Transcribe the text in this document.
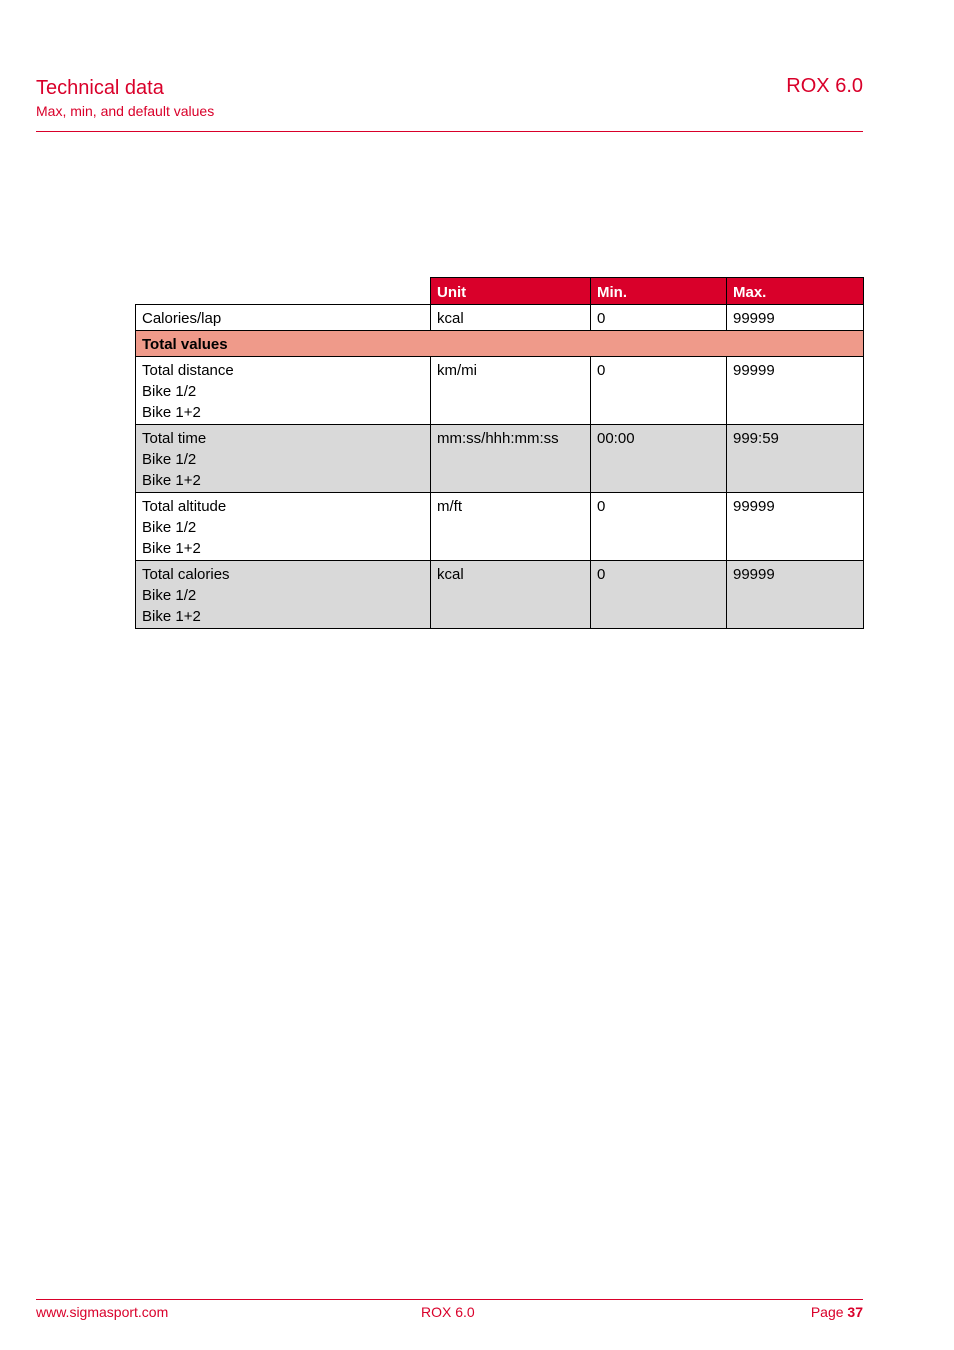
Technical data
Max, min, and default values
ROX 6.0
	Unit	Min.	Max.

Calories/lap	kcal	0	99999
Total values			

Total distance
Bike 1/2
Bike 1+2	km/mi	0	99999

Total time
Bike 1/2
Bike 1+2	mm:ss/hhh:mm:ss	00:00	999:59

Total altitude
Bike 1/2
Bike 1+2	m/ft	0	99999

Total calories
Bike 1/2
Bike 1+2	kcal	0	99999
www.sigmasport.com	ROX 6.0	Page 37
